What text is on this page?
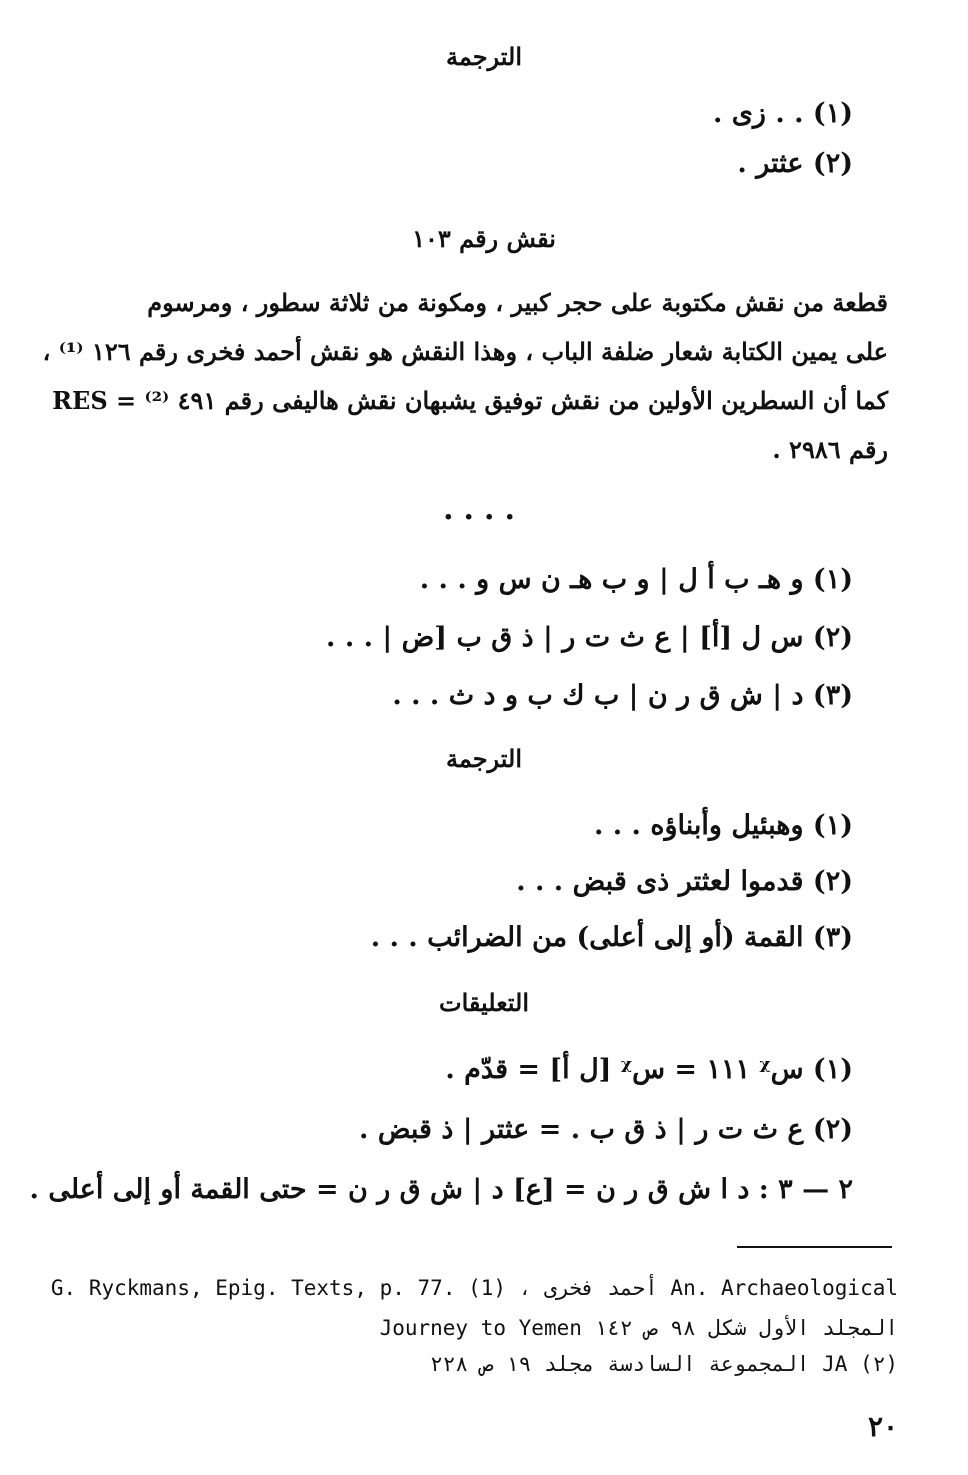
الترجمة
(١) . . زى .
(٢) عثتر .
نقش رقم ١٠٣
قطعة من نقش مكتوبة على حجر كبير ، ومكونة من ثلاثة سطور ، ومرسوم
على يمين الكتابة شعار ضلفة الباب ، وهذا النقش هو نقش أحمد فخرى رقم ١٢٦ ⁽¹⁾ ،
كما أن السطرين الأولين من نقش توفيق يشبهان نقش هاليفى رقم ٤٩١ ⁽²⁾ = RES
رقم ٢٩٨٦ .
....
(١) و هـ ب أ ل | و ب هـ ن س و . . .
(٢) س ل [أ] | ع ث ت ر | ذ ق ب [ض | . . .
(٣) د | ش ق ر ن | ب ك ب و د ث . . .
الترجمة
(١) وهبئيل وأبناؤه . . .
(٢) قدموا لعثتر ذى قبض . . .
(٣) القمة (أو إلى أعلى) من الضرائب . . .
التعليقات
(١) سᵡ ١١١ = سᵡ [ل أ] = قدّم .
(٢) ع ث ت ر | ذ ق ب . = عثتر | ذ قبض .
٢ — ٣ : د ا ش ق ر ن = [ع] د | ش ق ر ن = حتى القمة أو إلى أعلى .
An. Archaeological أحمد فخرى ، G. Ryckmans, Epig. Texts, p. 77. (1)
المجلد الأول شكل ٩٨ ص ١٤٢ Journey to Yemen
(٢) JA المجموعة السادسة مجلد ١٩ ص ٢٢٨
٢٠
